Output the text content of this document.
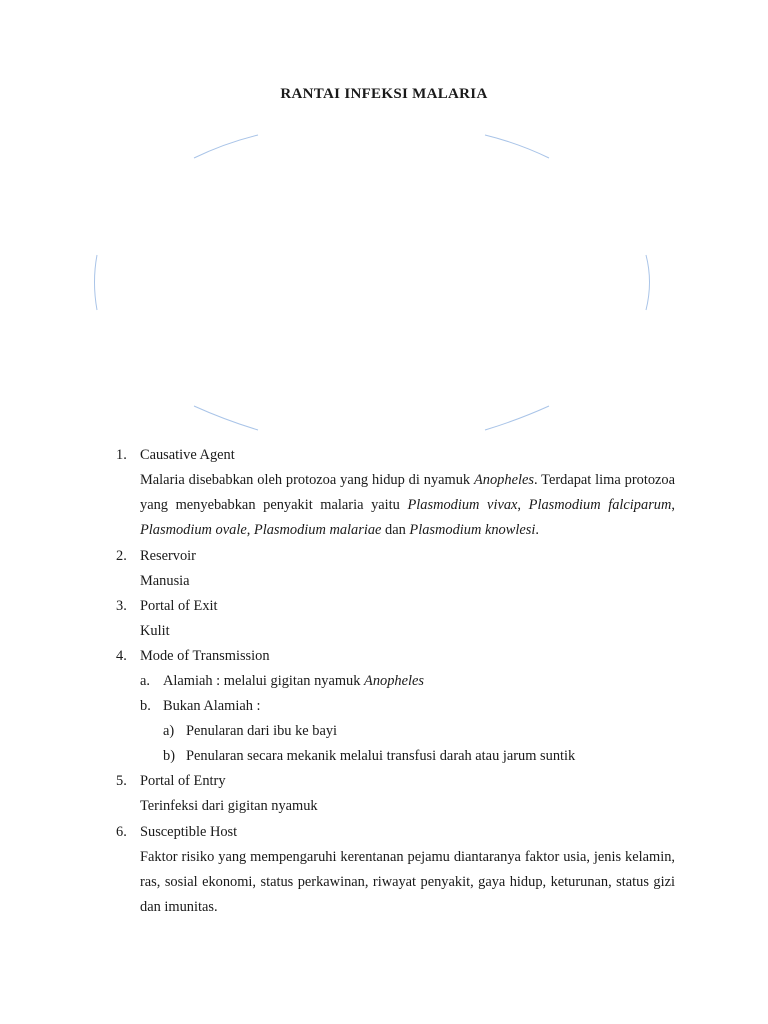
RANTAI INFEKSI MALARIA
1. Causative Agent
Malaria disebabkan oleh protozoa yang hidup di nyamuk Anopheles. Terdapat lima protozoa yang menyebabkan penyakit malaria yaitu Plasmodium vivax, Plasmodium falciparum, Plasmodium ovale, Plasmodium malariae dan Plasmodium knowlesi.
2. Reservoir
Manusia
3. Portal of Exit
Kulit
4. Mode of Transmission
a. Alamiah : melalui gigitan nyamuk Anopheles
b. Bukan Alamiah :
a) Penularan dari ibu ke bayi
b) Penularan secara mekanik melalui transfusi darah atau jarum suntik
5. Portal of Entry
Terinfeksi dari gigitan nyamuk
6. Susceptible Host
Faktor risiko yang mempengaruhi kerentanan pejamu diantaranya faktor usia, jenis kelamin, ras, sosial ekonomi, status perkawinan, riwayat penyakit, gaya hidup, keturunan, status gizi dan imunitas.
